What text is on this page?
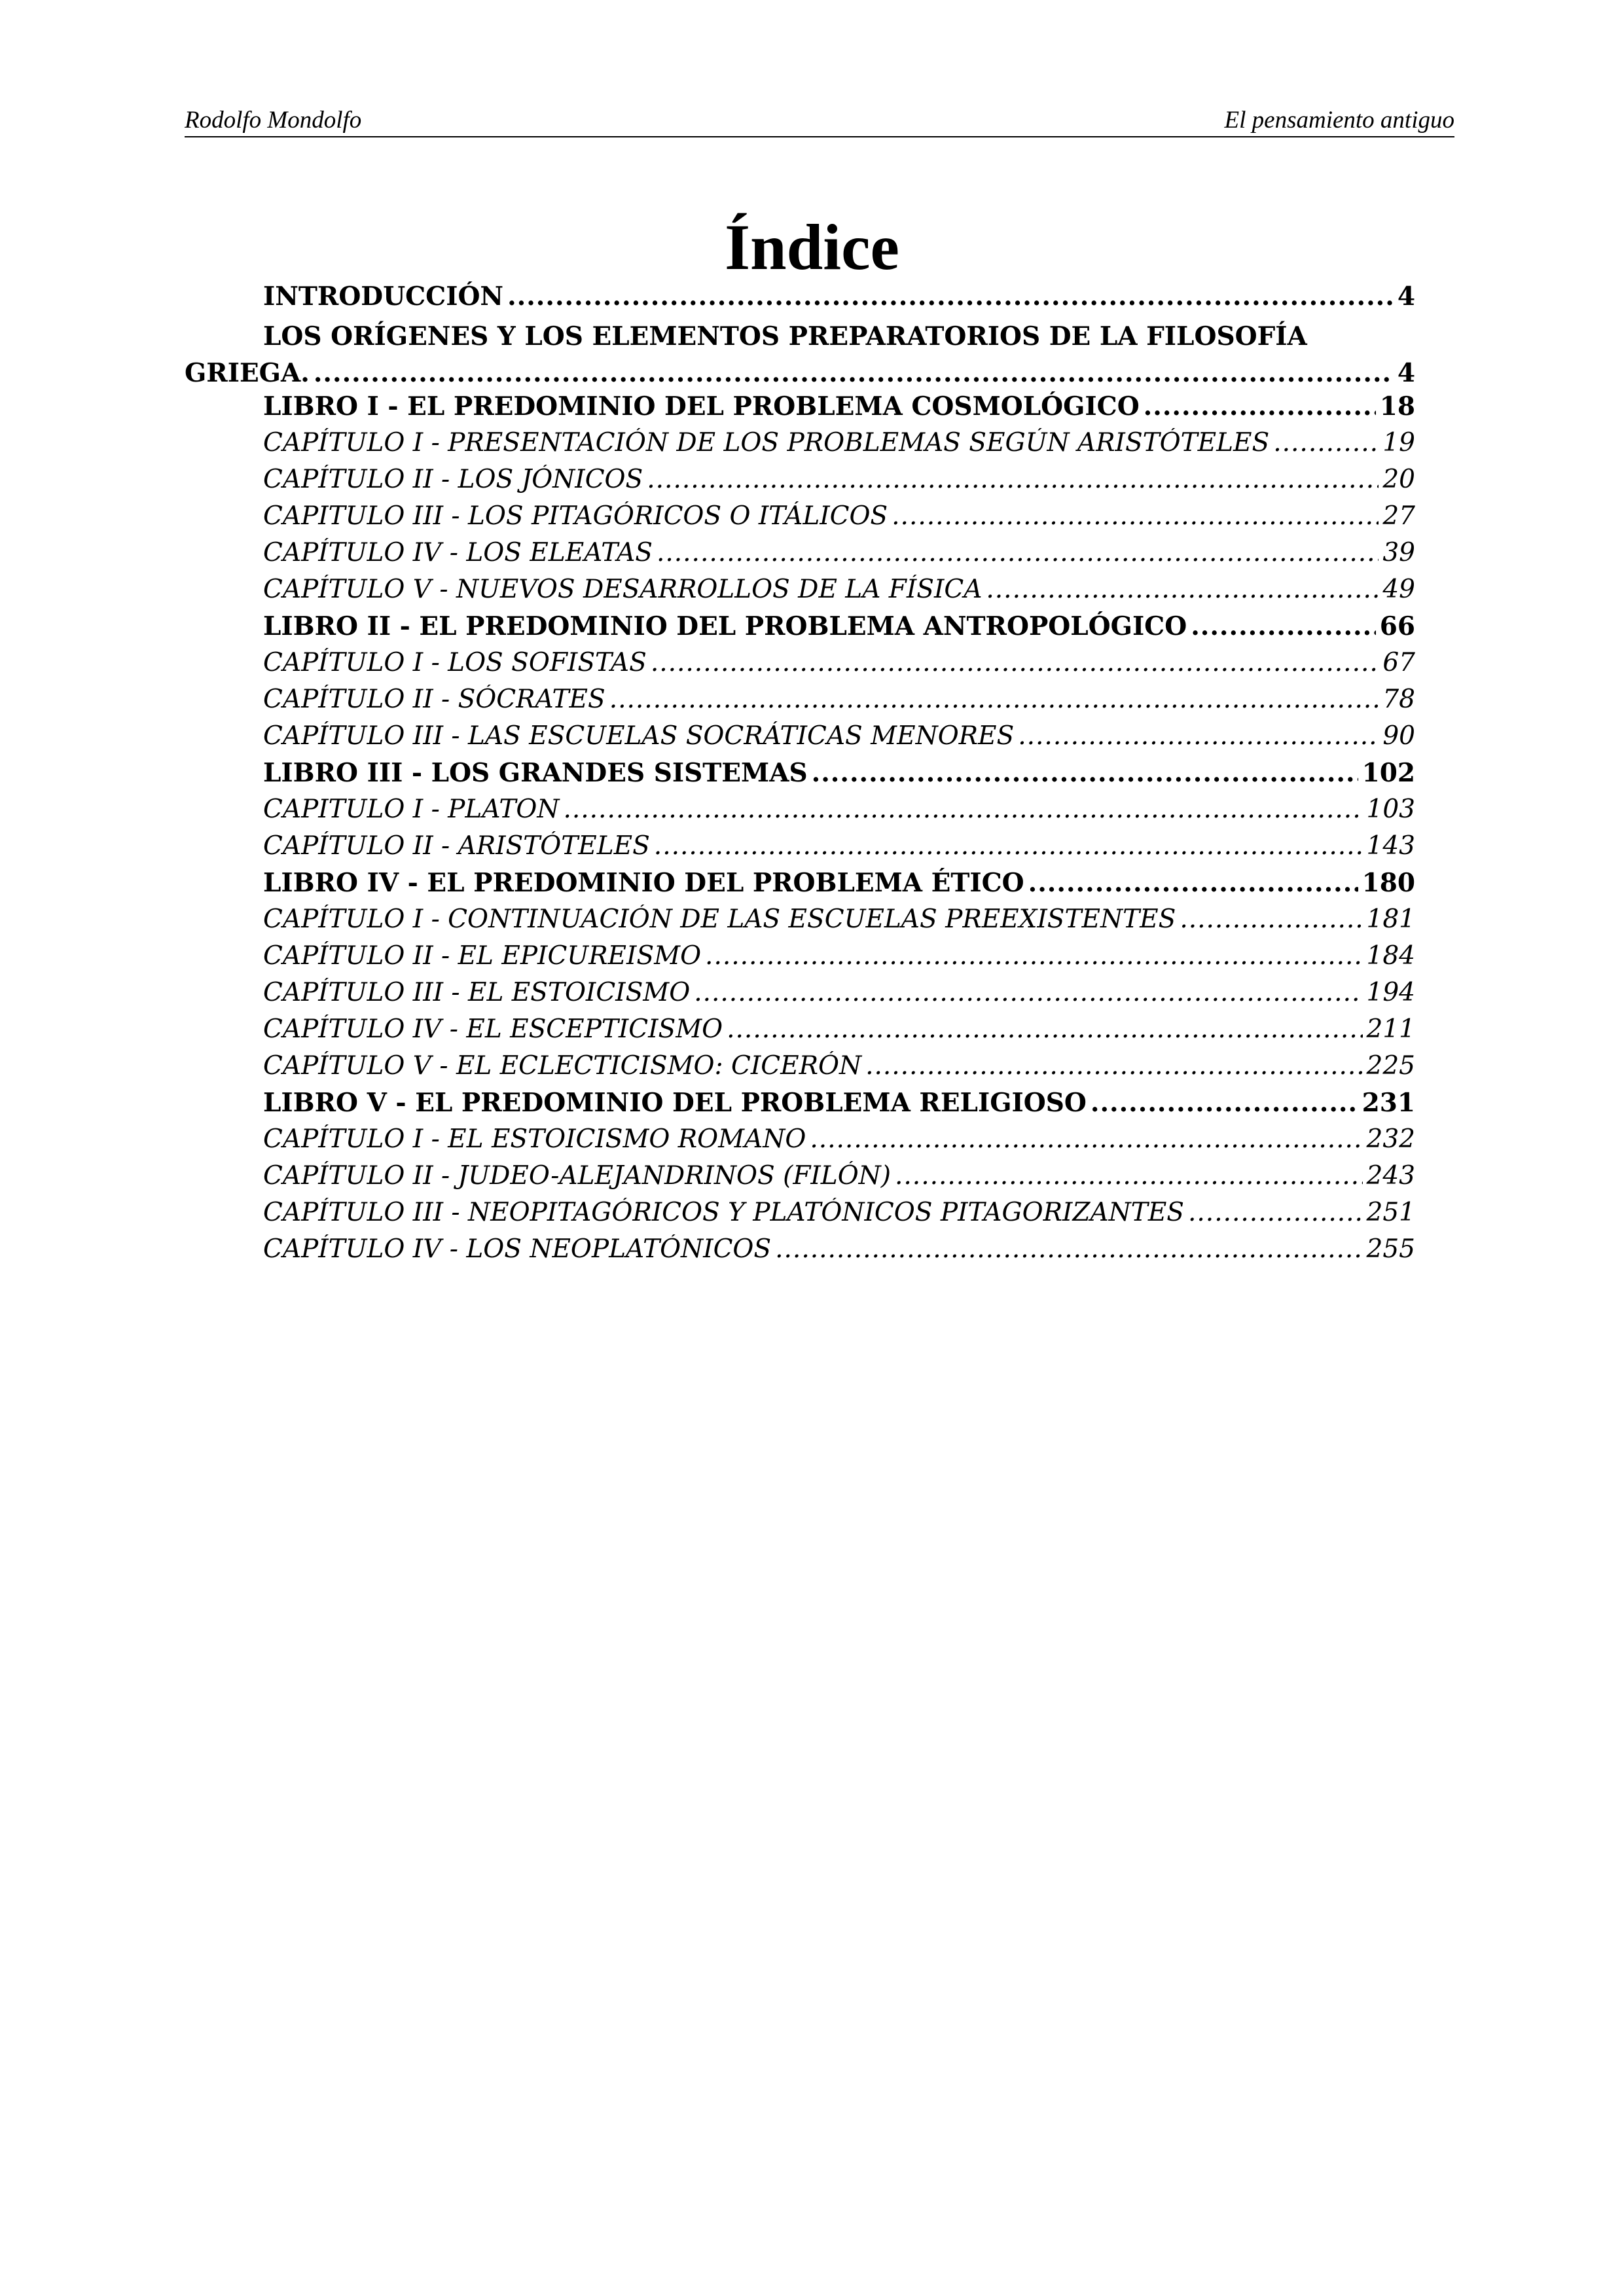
Rodolfo Mondolfo	El pensamiento antiguo
Índice
INTRODUCCIÓN .....	4
LOS ORÍGENES Y LOS ELEMENTOS PREPARATORIOS DE LA FILOSOFÍA
GRIEGA. .....	4
LIBRO I - EL PREDOMINIO DEL PROBLEMA COSMOLÓGICO .....	18
CAPÍTULO I - PRESENTACIÓN DE LOS PROBLEMAS SEGÚN ARISTÓTELES .....	19
CAPÍTULO II - LOS JÓNICOS .....	20
CAPITULO III - LOS PITAGÓRICOS O ITÁLICOS .....	27
CAPÍTULO IV - LOS ELEATAS .....	39
CAPÍTULO V - NUEVOS DESARROLLOS DE LA FÍSICA .....	49
LIBRO II - EL PREDOMINIO DEL PROBLEMA ANTROPOLÓGICO .....	66
CAPÍTULO I - LOS SOFISTAS .....	67
CAPÍTULO II - SÓCRATES .....	78
CAPÍTULO III - LAS ESCUELAS SOCRÁTICAS MENORES .....	90
LIBRO III - LOS GRANDES SISTEMAS .....	102
CAPITULO I - PLATON .....	103
CAPÍTULO II - ARISTÓTELES .....	143
LIBRO IV - EL PREDOMINIO DEL PROBLEMA ÉTICO .....	180
CAPÍTULO I - CONTINUACIÓN DE LAS ESCUELAS PREEXISTENTES .....	181
CAPÍTULO II - EL EPICUREISMO .....	184
CAPÍTULO III - EL ESTOICISMO .....	194
CAPÍTULO IV - EL ESCEPTICISMO .....	211
CAPÍTULO V - EL ECLECTICISMO: CICERÓN .....	225
LIBRO V - EL PREDOMINIO DEL PROBLEMA RELIGIOSO .....	231
CAPÍTULO I - EL ESTOICISMO ROMANO .....	232
CAPÍTULO II - JUDEO-ALEJANDRINOS (FILÓN) .....	243
CAPÍTULO III - NEOPITAGÓRICOS Y PLATÓNICOS PITAGORIZANTES .....	251
CAPÍTULO IV - LOS NEOPLATÓNICOS .....	255
